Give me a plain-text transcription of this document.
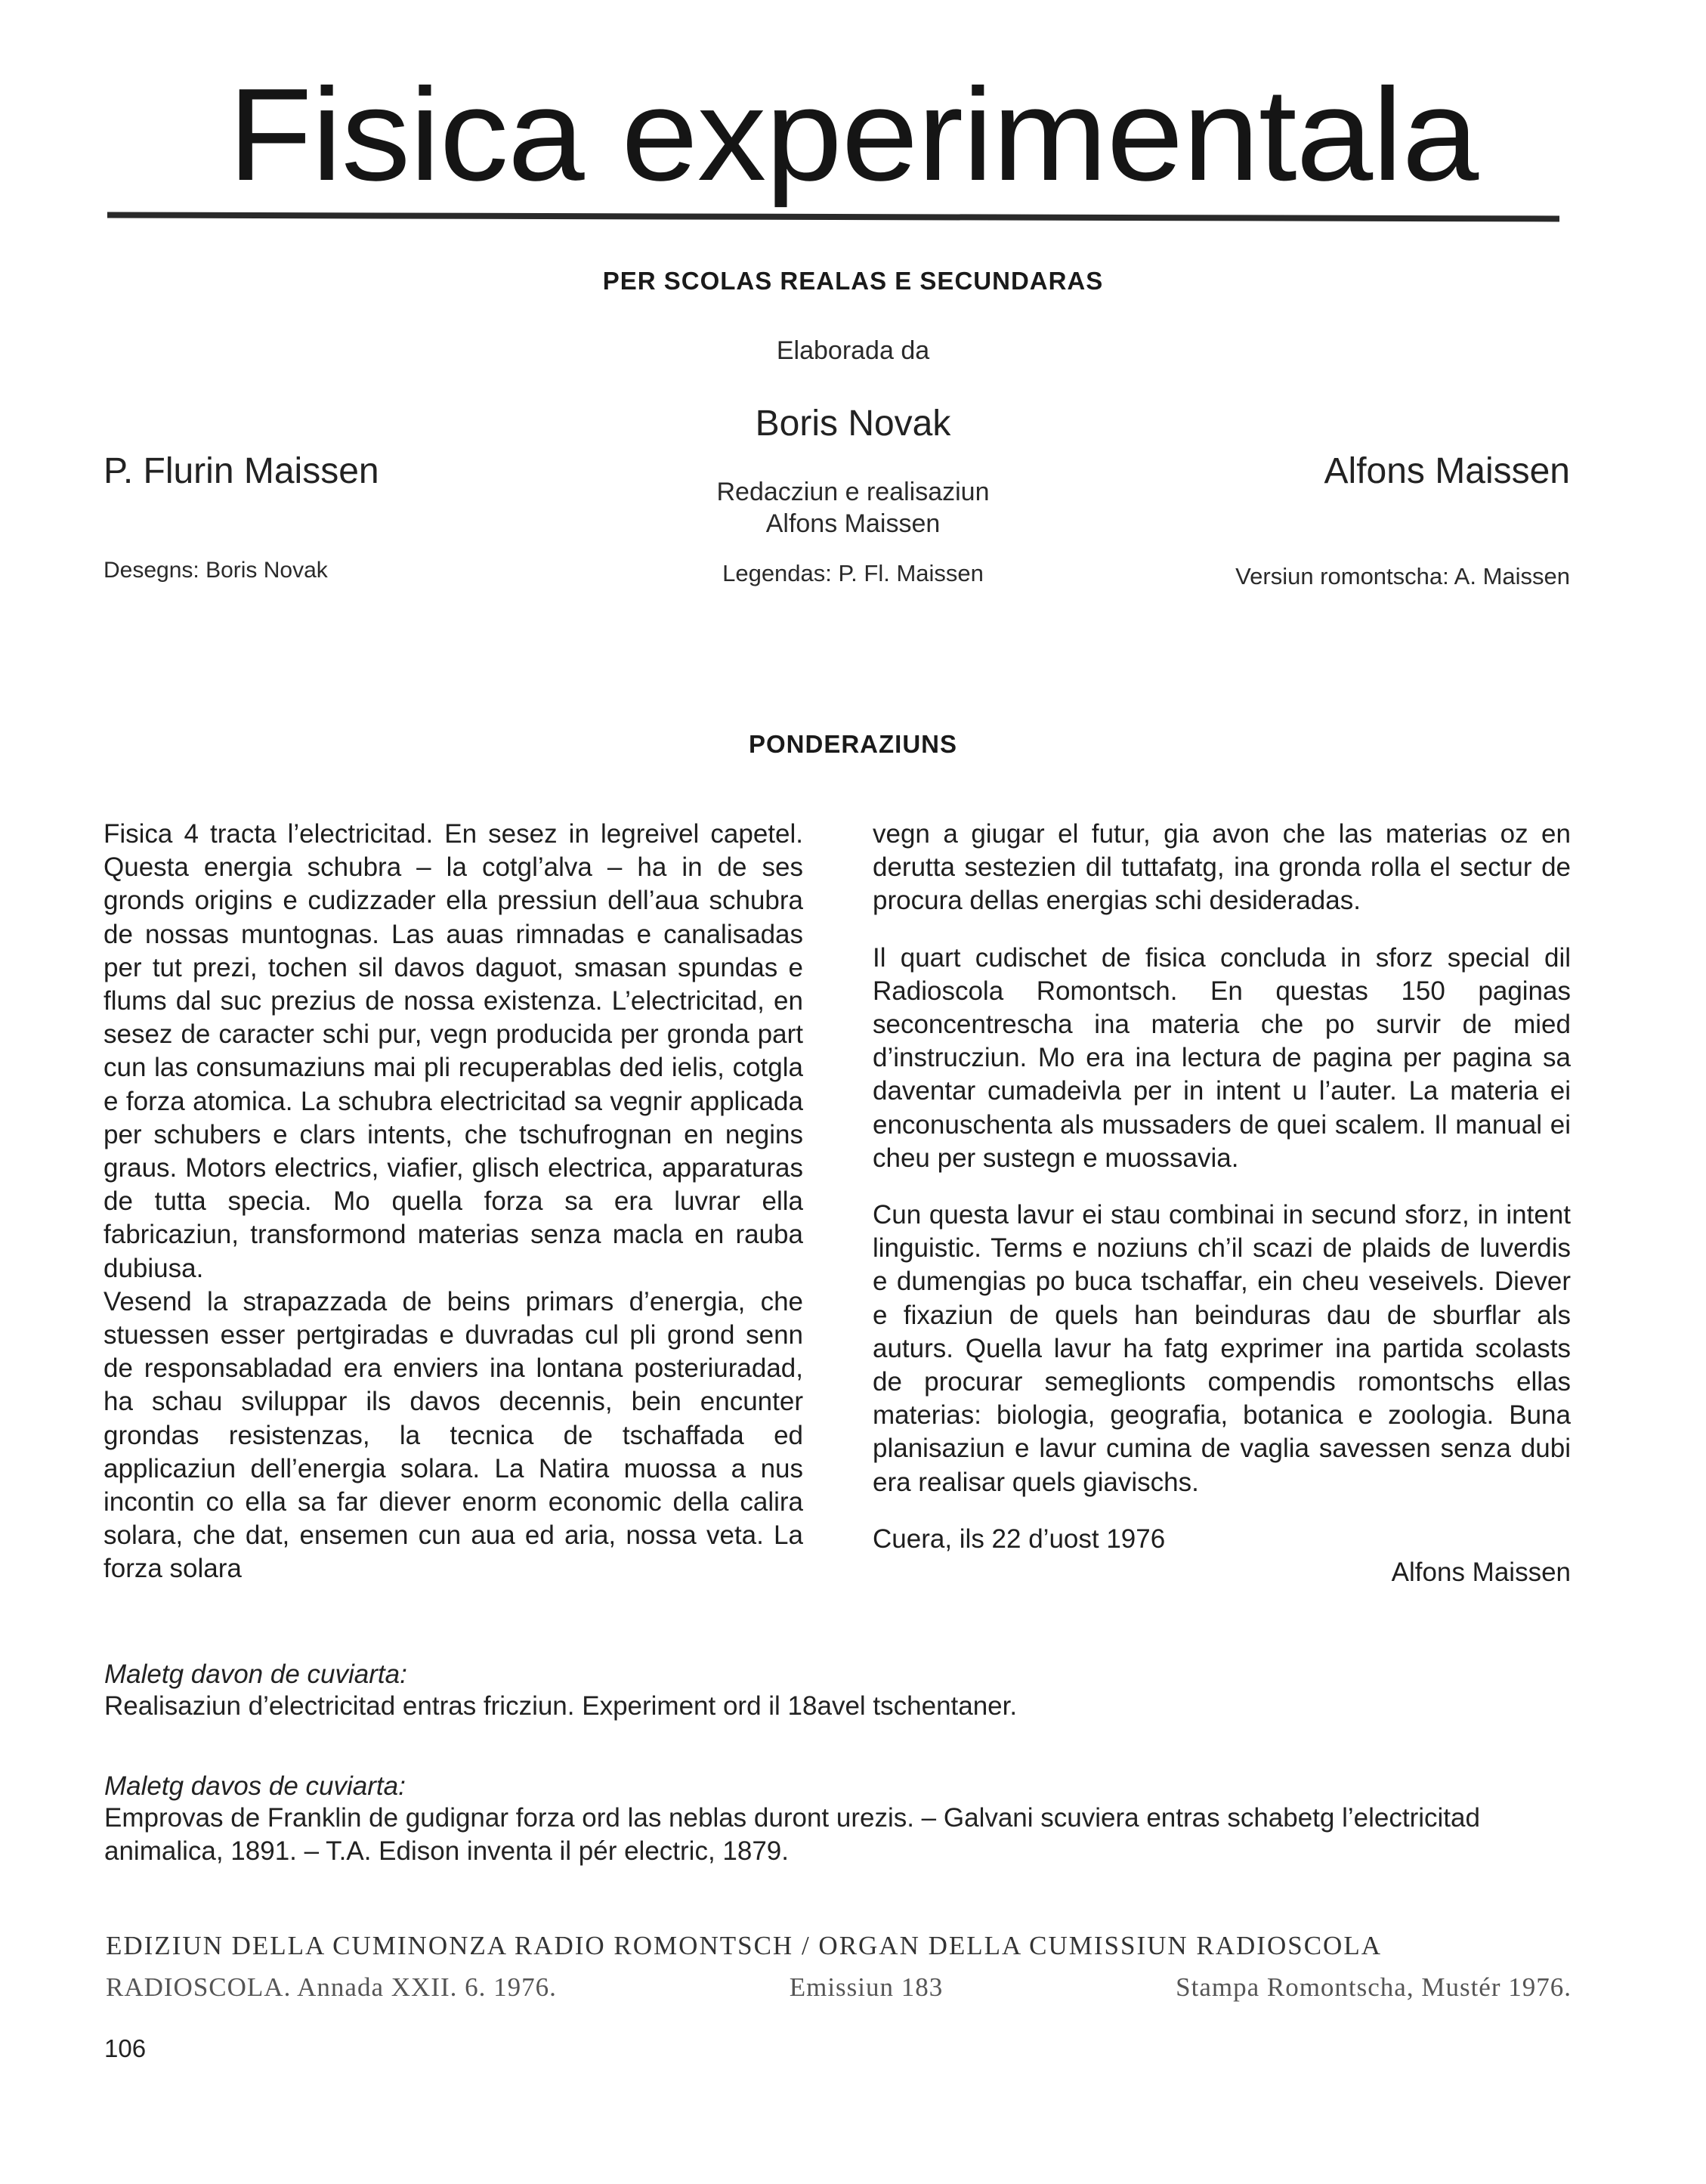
Fisica experimentala
PER SCOLAS REALAS E SECUNDARAS
Elaborada da
Boris Novak
P. Flurin Maissen	Alfons Maissen
Redacziun e realisaziun
Alfons Maissen
Desegns: Boris Novak	Legendas: P. Fl. Maissen	Versiun romontscha: A. Maissen
PONDERAZIUNS

Fisica 4 tracta l’electricitad. En sesez in legreivel capetel. Questa energia schubra – la cotgl’alva – ha in de ses gronds origins e cudizzader ella pressiun dell’aua schubra de nossas muntognas. Las auas rimnadas e canalisadas per tut prezi, tochen sil davos daguot, smasan spundas e flums dal suc prezius de nossa existenza. L’electricitad, en sesez de caracter schi pur, vegn producida per gronda part cun las consumaziuns mai pli recuperablas ded ielis, cotgla e forza atomica. La schubra electricitad sa vegnir applicada per schubers e clars intents, che tschufrognan en negins graus. Motors electrics, viafier, glisch electrica, apparaturas de tutta specia. Mo quella forza sa era luvrar ella fabricaziun, transformond materias senza macla en rauba dubiusa.

Vesend la strapazzada de beins primars d’energia, che stuessen esser pertgiradas e duvradas cul pli grond senn de responsabladad era enviers ina lontana posteriuradad, ha schau sviluppar ils davos decennis, bein encunter grondas resistenzas, la tecnica de tschaffada ed applicaziun dell’energia solara. La Natira muossa a nus incontin co ella sa far diever enorm economic della calira solara, che dat, ensemen cun aua ed aria, nossa veta. La forza solara

vegn a giugar el futur, gia avon che las materias oz en derutta sestezien dil tuttafatg, ina gronda rolla el sectur de procura dellas energias schi desideradas.

Il quart cudischet de fisica concluda in sforz special dil Radioscola Romontsch. En questas 150 paginas seconcentrescha ina materia che po survir de mied d’instrucziun. Mo era ina lectura de pagina per pagina sa daventar cumadeivla per in intent u l’auter. La materia ei enconuschenta als mussaders de quei scalem. Il manual ei cheu per sustegn e muossavia.

Cun questa lavur ei stau combinai in secund sforz, in intent linguistic. Terms e noziuns ch’il scazi de plaids de luverdis e dumengias po buca tschaffar, ein cheu veseivels. Diever e fixaziun de quels han beinduras dau de sburflar als auturs. Quella lavur ha fatg exprimer ina partida scolasts de procurar semeglionts compendis romontschs ellas materias: biologia, geografia, botanica e zoologia. Buna planisaziun e lavur cumina de vaglia savessen senza dubi era realisar quels giavischs.

Cuera, ils 22 d’uost 1976

Alfons Maissen

Maletg davon de cuviarta:
Realisaziun d’electricitad entras fricziun. Experiment ord il 18avel tschentaner.
Maletg davos de cuviarta:
Emprovas de Franklin de gudignar forza ord las neblas duront urezis. – Galvani scuviera entras schabetg l’electricitad animalica, 1891. – T.A. Edison inventa il pér electric, 1879.
EDIZIUN DELLA CUMINONZA RADIO ROMONTSCH / ORGAN DELLA CUMISSIUN RADIOSCOLA
RADIOSCOLA. Annada XXII. 6. 1976.	Emissiun 183	Stampa Romontscha, Mustér 1976.
106
